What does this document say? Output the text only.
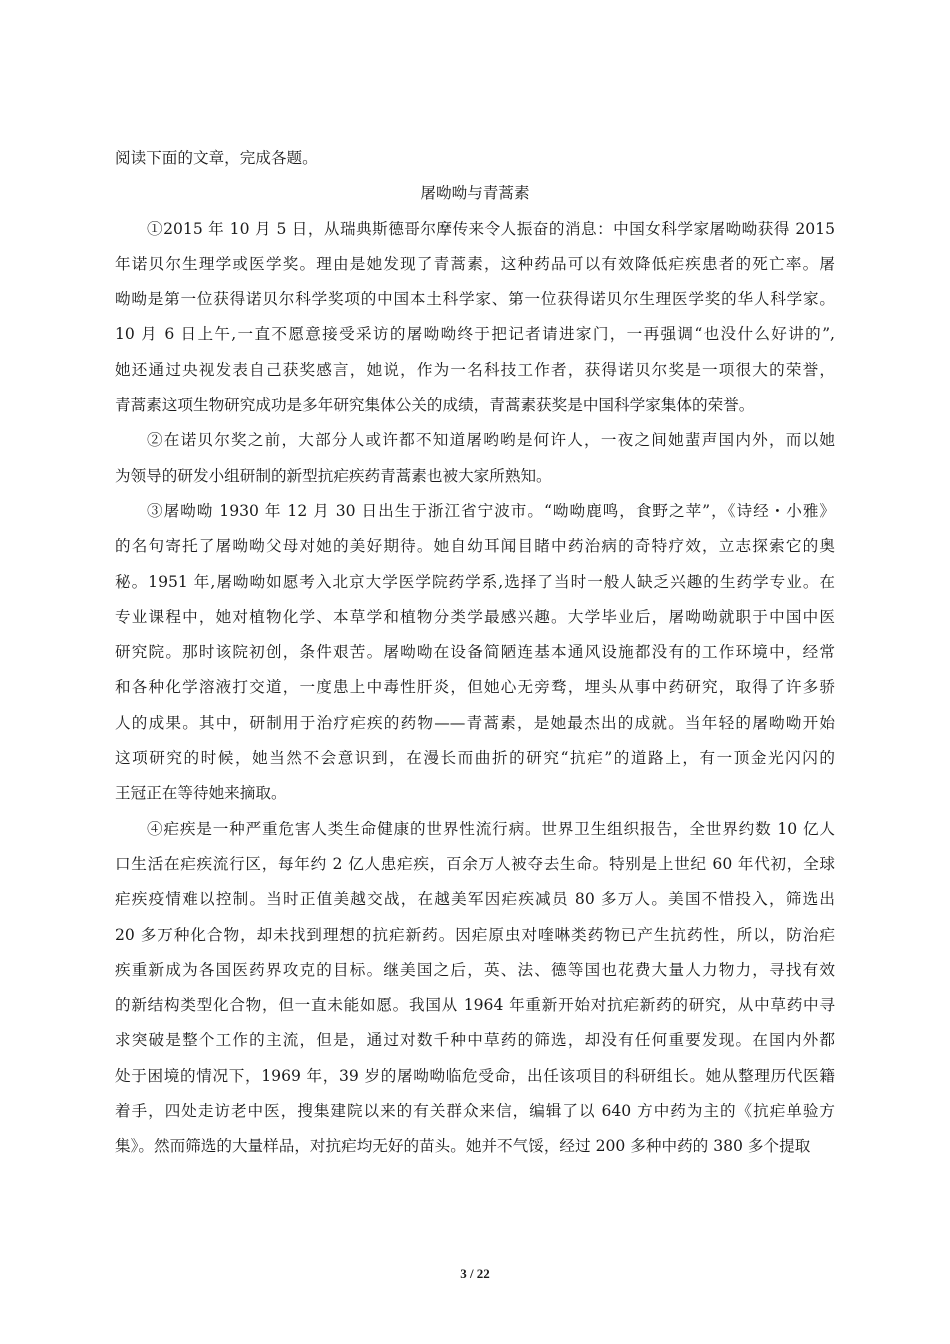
阅读下面的文章，完成各题。
屠呦呦与青蒿素
①2015 年 10 月 5 日，从瑞典斯德哥尔摩传来令人振奋的消息：中国女科学家屠呦呦获得 2015
年诺贝尔生理学或医学奖。理由是她发现了青蒿素，这种药品可以有效降低疟疾患者的死亡率。屠
呦呦是第一位获得诺贝尔科学奖项的中国本土科学家、第一位获得诺贝尔生理医学奖的华人科学家。
10 月 6 日上午,一直不愿意接受采访的屠呦呦终于把记者请进家门，一再强调“也没什么好讲的”,
她还通过央视发表自己获奖感言，她说，作为一名科技工作者，获得诺贝尔奖是一项很大的荣誉，
青蒿素这项生物研究成功是多年研究集体公关的成绩，青蒿素获奖是中国科学家集体的荣誉。
②在诺贝尔奖之前，大部分人或许都不知道屠哟哟是何许人，一夜之间她蜚声国内外，而以她
为领导的研发小组研制的新型抗疟疾药青蒿素也被大家所熟知。
③屠呦呦 1930 年 12 月 30 日出生于浙江省宁波市。“呦呦鹿鸣，食野之苹”，《诗经・小雅》
的名句寄托了屠呦呦父母对她的美好期待。她自幼耳闻目睹中药治病的奇特疗效，立志探索它的奥
秘。1951 年,屠呦呦如愿考入北京大学医学院药学系,选择了当时一般人缺乏兴趣的生药学专业。在
专业课程中，她对植物化学、本草学和植物分类学最感兴趣。大学毕业后，屠呦呦就职于中国中医
研究院。那时该院初创，条件艰苦。屠呦呦在设备简陋连基本通风设施都没有的工作环境中，经常
和各种化学溶液打交道，一度患上中毒性肝炎，但她心无旁骛，埋头从事中药研究，取得了许多骄
人的成果。其中，研制用于治疗疟疾的药物——青蒿素，是她最杰出的成就。当年轻的屠呦呦开始
这项研究的时候，她当然不会意识到，在漫长而曲折的研究“抗疟”的道路上，有一顶金光闪闪的
王冠正在等待她来摘取。
④疟疾是一种严重危害人类生命健康的世界性流行病。世界卫生组织报告，全世界约数 10 亿人
口生活在疟疾流行区，每年约 2 亿人患疟疾，百余万人被夺去生命。特别是上世纪 60 年代初，全球
疟疾疫情难以控制。当时正值美越交战，在越美军因疟疾减员 80 多万人。美国不惜投入，筛选出
20 多万种化合物，却未找到理想的抗疟新药。因疟原虫对喹啉类药物已产生抗药性，所以，防治疟
疾重新成为各国医药界攻克的目标。继美国之后，英、法、德等国也花费大量人力物力，寻找有效
的新结构类型化合物，但一直未能如愿。我国从 1964 年重新开始对抗疟新药的研究，从中草药中寻
求突破是整个工作的主流，但是，通过对数千种中草药的筛选，却没有任何重要发现。在国内外都
处于困境的情况下，1969 年，39 岁的屠呦呦临危受命，出任该项目的科研组长。她从整理历代医籍
着手，四处走访老中医，搜集建院以来的有关群众来信，编辑了以 640 方中药为主的《抗疟单验方
集》。然而筛选的大量样品，对抗疟均无好的苗头。她并不气馁，经过 200 多种中药的 380 多个提取
3 / 22
